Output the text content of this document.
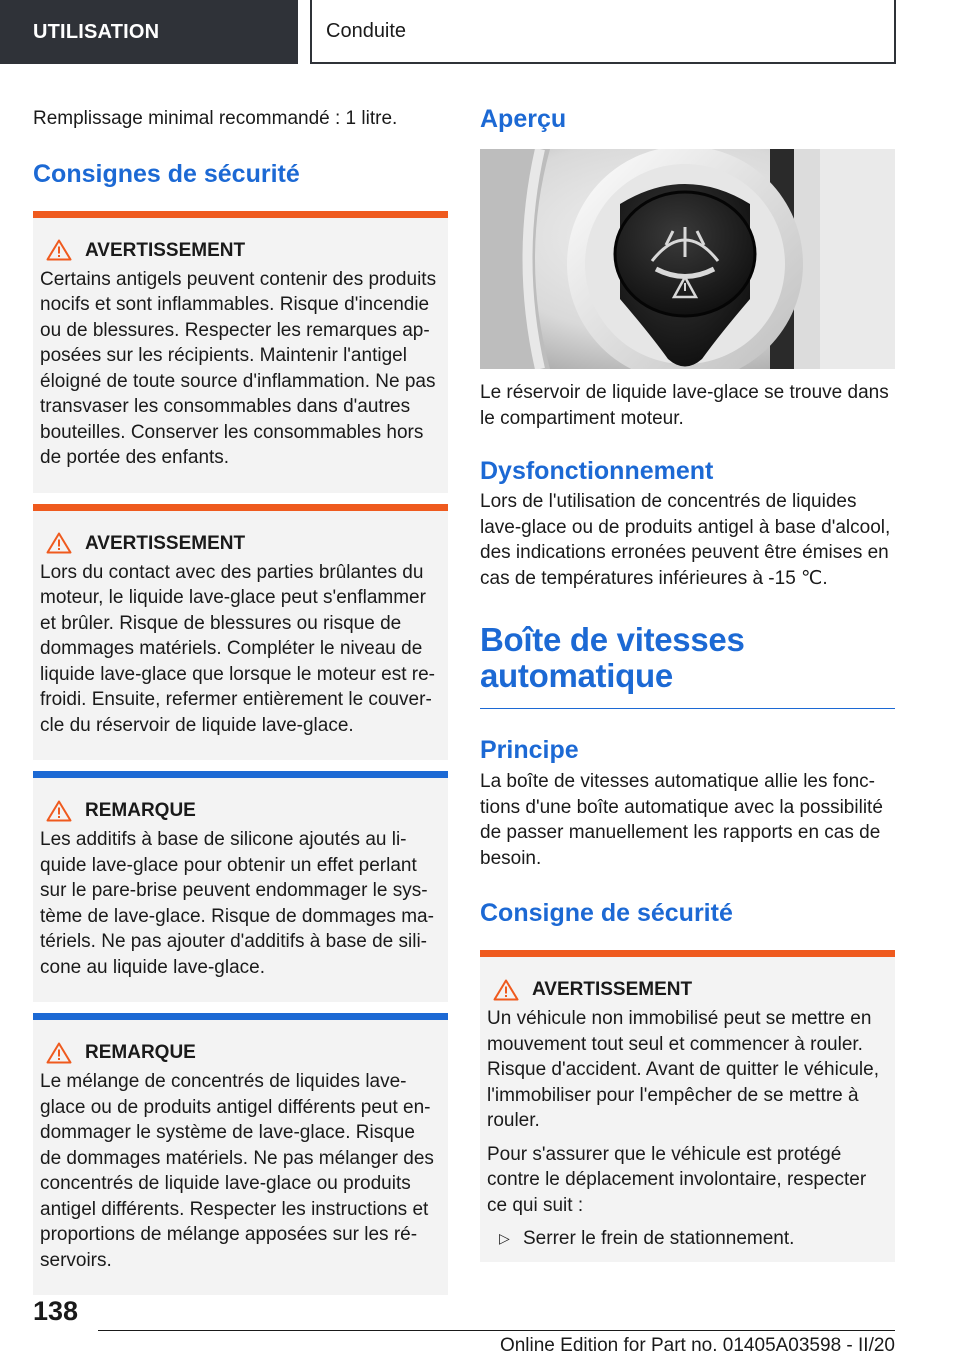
UTILISATION	Conduite

Remplissage minimal recommandé : 1 litre.

Consignes de sécurité
AVERTISSEMENT

Certains antigels peuvent contenir des produits nocifs et sont inflammables. Risque d'incendie ou de blessures. Respecter les remarques ap-posées sur les récipients. Maintenir l'antigel éloigné de toute source d'inflammation. Ne pas transvaser les consommables dans d'autres bouteilles. Conserver les consommables hors de portée des enfants.

AVERTISSEMENT

Lors du contact avec des parties brûlantes du moteur, le liquide lave-glace peut s'enflammer et brûler. Risque de blessures ou risque de dommages matériels. Compléter le niveau de liquide lave-glace que lorsque le moteur est re-froidi. Ensuite, refermer entièrement le couver-cle du réservoir de liquide lave-glace.

REMARQUE

Les additifs à base de silicone ajoutés au li-quide lave-glace pour obtenir un effet perlant sur le pare-brise peuvent endommager le sys-tème de lave-glace. Risque de dommages ma-tériels. Ne pas ajouter d'additifs à base de sili-cone au liquide lave-glace.

REMARQUE

Le mélange de concentrés de liquides lave-glace ou de produits antigel différents peut en-dommager le système de lave-glace. Risque de dommages matériels. Ne pas mélanger des concentrés de liquide lave-glace ou produits antigel différents. Respecter les instructions et proportions de mélange apposées sur les ré-servoirs.

Aperçu

Le réservoir de liquide lave-glace se trouve dans le compartiment moteur.

Dysfonctionnement

Lors de l'utilisation de concentrés de liquides lave-glace ou de produits antigel à base d'alcool, des indications erronées peuvent être émises en cas de températures inférieures à -15 ℃.

Boîte de vitesses
automatique
Principe

La boîte de vitesses automatique allie les fonc-tions d'une boîte automatique avec la possibilité de passer manuellement les rapports en cas de besoin.

Consigne de sécurité
AVERTISSEMENT

Un véhicule non immobilisé peut se mettre en mouvement tout seul et commencer à rouler. Risque d'accident. Avant de quitter le véhicule, l'immobiliser pour l'empêcher de se mettre à rouler.

Pour s'assurer que le véhicule est protégé contre le déplacement involontaire, respecter ce qui suit :

▷ Serrer le frein de stationnement.

138
Online Edition for Part no. 01405A03598 - II/20
